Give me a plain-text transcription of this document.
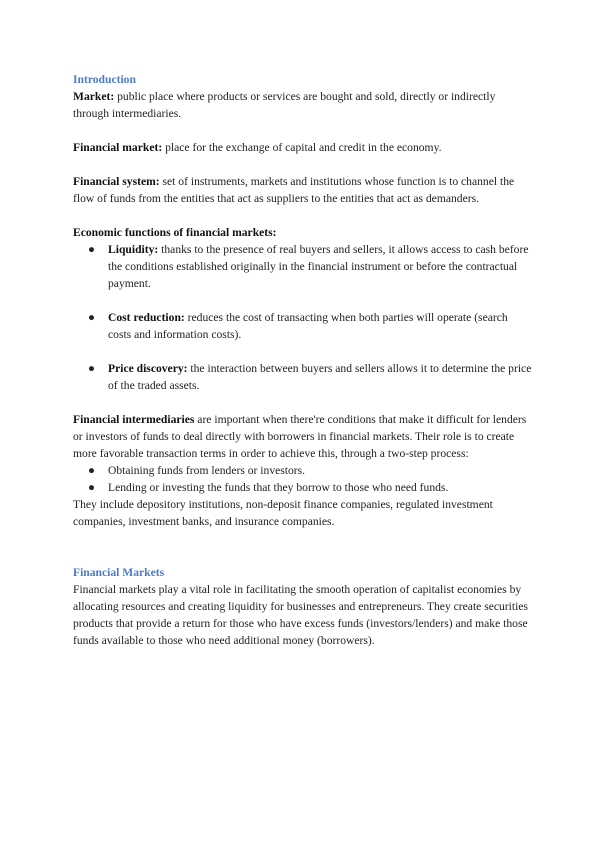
Introduction

Market: public place where products or services are bought and sold, directly or indirectly through intermediaries.

Financial market: place for the exchange of capital and credit in the economy.

Financial system: set of instruments, markets and institutions whose function is to channel the flow of funds from the entities that act as suppliers to the entities that act as demanders.

Economic functions of financial markets:

● Liquidity: thanks to the presence of real buyers and sellers, it allows access to cash before the conditions established originally in the financial instrument or before the contractual payment.
● Cost reduction: reduces the cost of transacting when both parties will operate (search costs and information costs).
● Price discovery: the interaction between buyers and sellers allows it to determine the price of the traded assets.

Financial intermediaries are important when there're conditions that make it difficult for lenders or investors of funds to deal directly with borrowers in financial markets. Their role is to create more favorable transaction terms in order to achieve this, through a two-step process:

● Obtaining funds from lenders or investors.
● Lending or investing the funds that they borrow to those who need funds.

They include depository institutions, non-deposit finance companies, regulated investment companies, investment banks, and insurance companies.

Financial Markets

Financial markets play a vital role in facilitating the smooth operation of capitalist economies by allocating resources and creating liquidity for businesses and entrepreneurs. They create securities products that provide a return for those who have excess funds (investors/lenders) and make those funds available to those who need additional money (borrowers).
